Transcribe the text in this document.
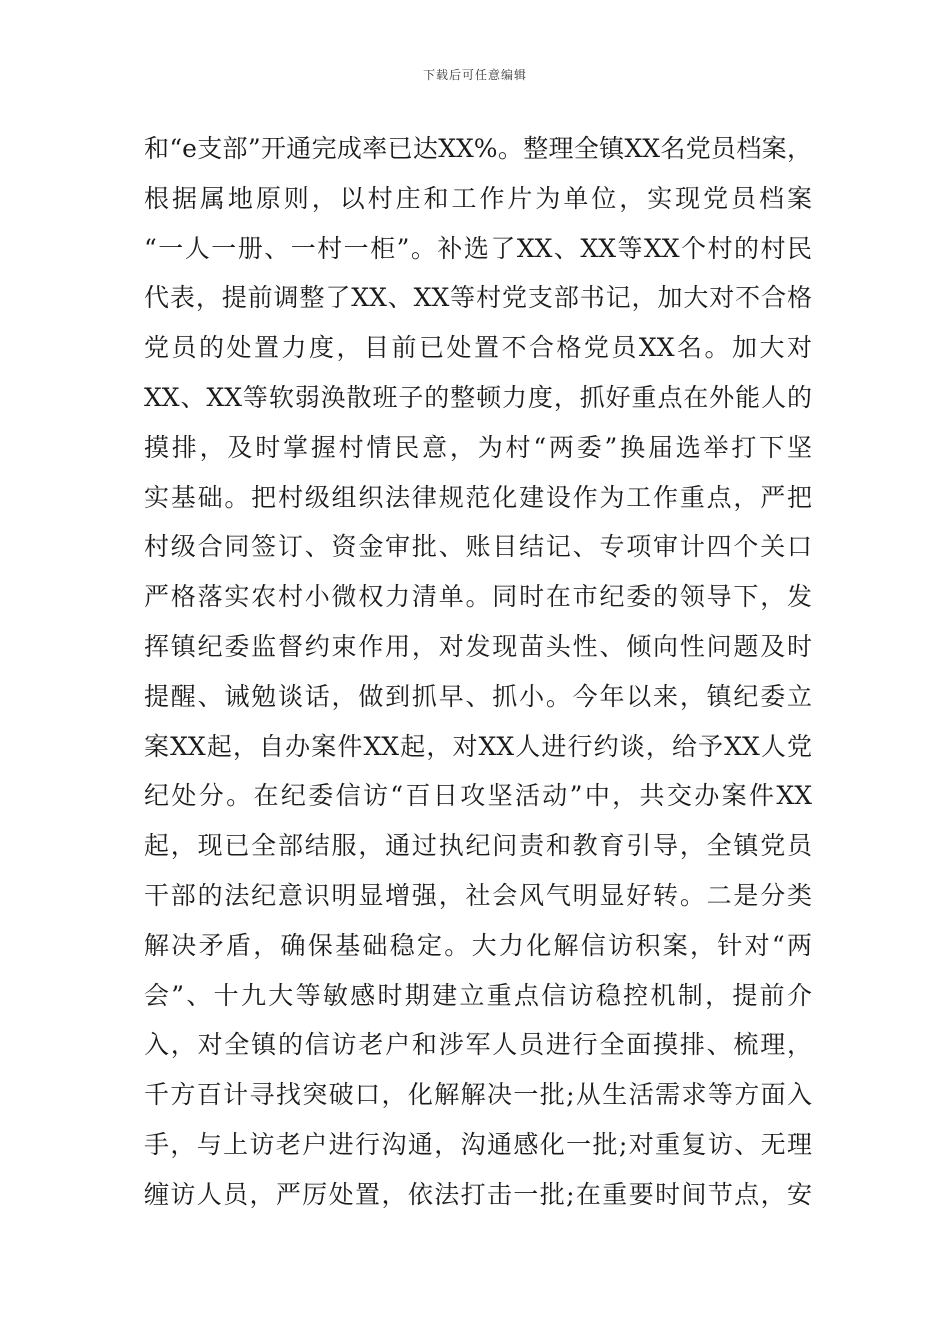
下载后可任意编辑
和“e支部”开通完成率已达XX%。整理全镇XX名党员档案，
根据属地原则，以村庄和工作片为单位，实现党员档案
“一人一册、一村一柜”。补选了XX、XX等XX个村的村民
代表，提前调整了XX、XX等村党支部书记，加大对不合格
党员的处置力度，目前已处置不合格党员XX名。加大对
XX、XX等软弱涣散班子的整顿力度，抓好重点在外能人的
摸排，及时掌握村情民意，为村“两委”换届选举打下坚
实基础。把村级组织法律规范化建设作为工作重点，严把
村级合同签订、资金审批、账目结记、专项审计四个关口
严格落实农村小微权力清单。同时在市纪委的领导下，发
挥镇纪委监督约束作用，对发现苗头性、倾向性问题及时
提醒、诫勉谈话，做到抓早、抓小。今年以来，镇纪委立
案XX起，自办案件XX起，对XX人进行约谈，给予XX人党
纪处分。在纪委信访“百日攻坚活动”中，共交办案件XX
起，现已全部结服，通过执纪问责和教育引导，全镇党员
干部的法纪意识明显增强，社会风气明显好转。二是分类
解决矛盾，确保基础稳定。大力化解信访积案，针对“两
会”、十九大等敏感时期建立重点信访稳控机制，提前介
入，对全镇的信访老户和涉军人员进行全面摸排、梳理，
千方百计寻找突破口，化解解决一批;从生活需求等方面入
手，与上访老户进行沟通，沟通感化一批;对重复访、无理
缠访人员，严厉处置，依法打击一批;在重要时间节点，安
